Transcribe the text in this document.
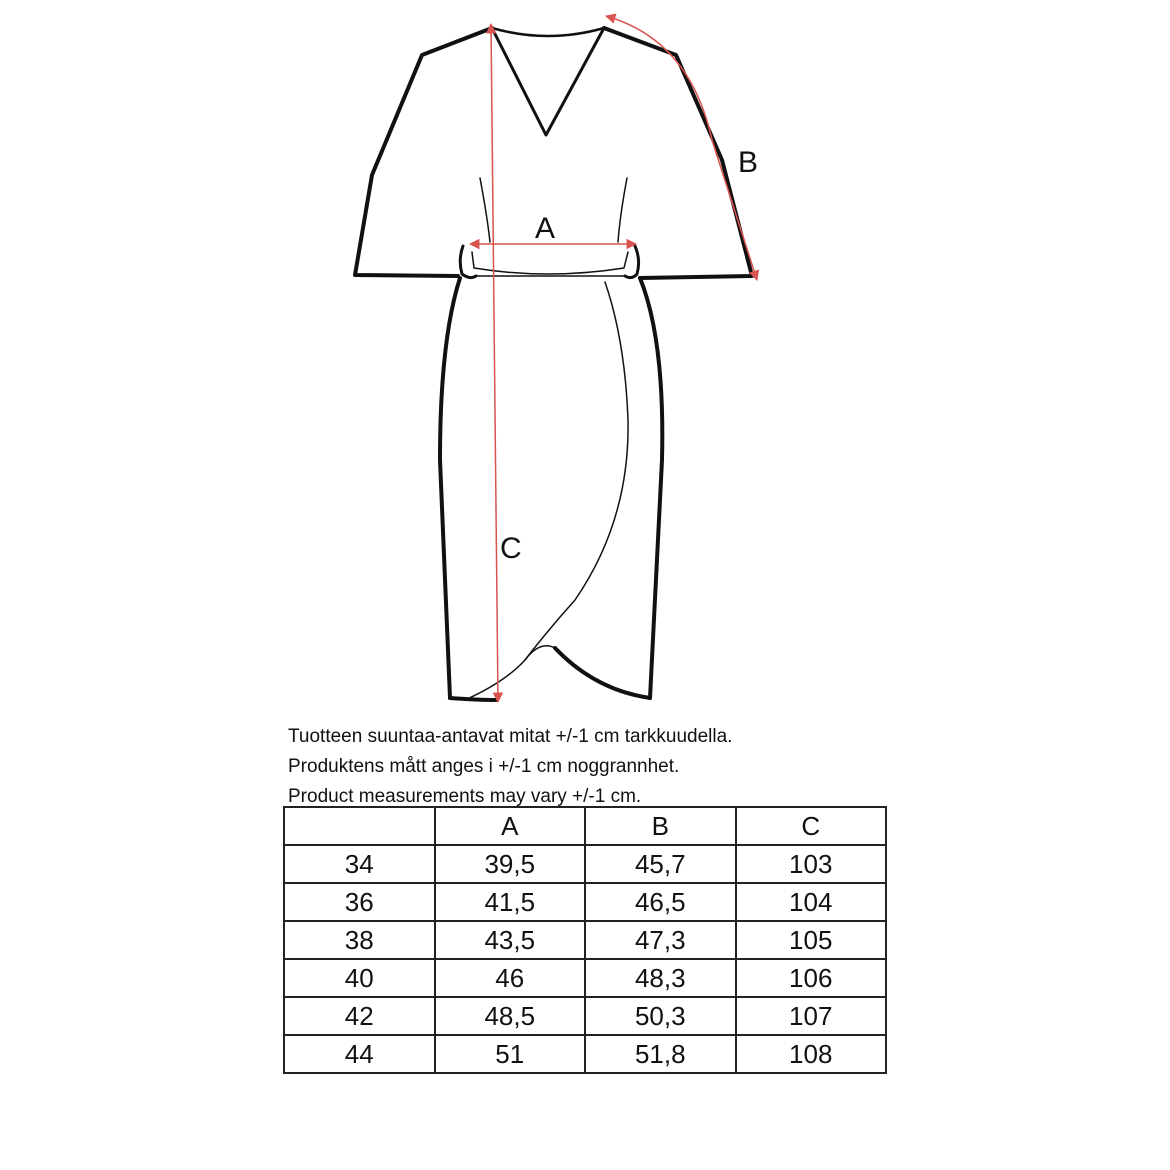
A
B
C
Tuotteen suuntaa-antavat mitat +/-1 cm tarkkuudella.
Produktens mått anges i +/-1 cm noggrannhet.
Product measurements may vary +/-1 cm.
	A	B	C
34	39,5	45,7	103
36	41,5	46,5	104
38	43,5	47,3	105
40	46	48,3	106
42	48,5	50,3	107
44	51	51,8	108
